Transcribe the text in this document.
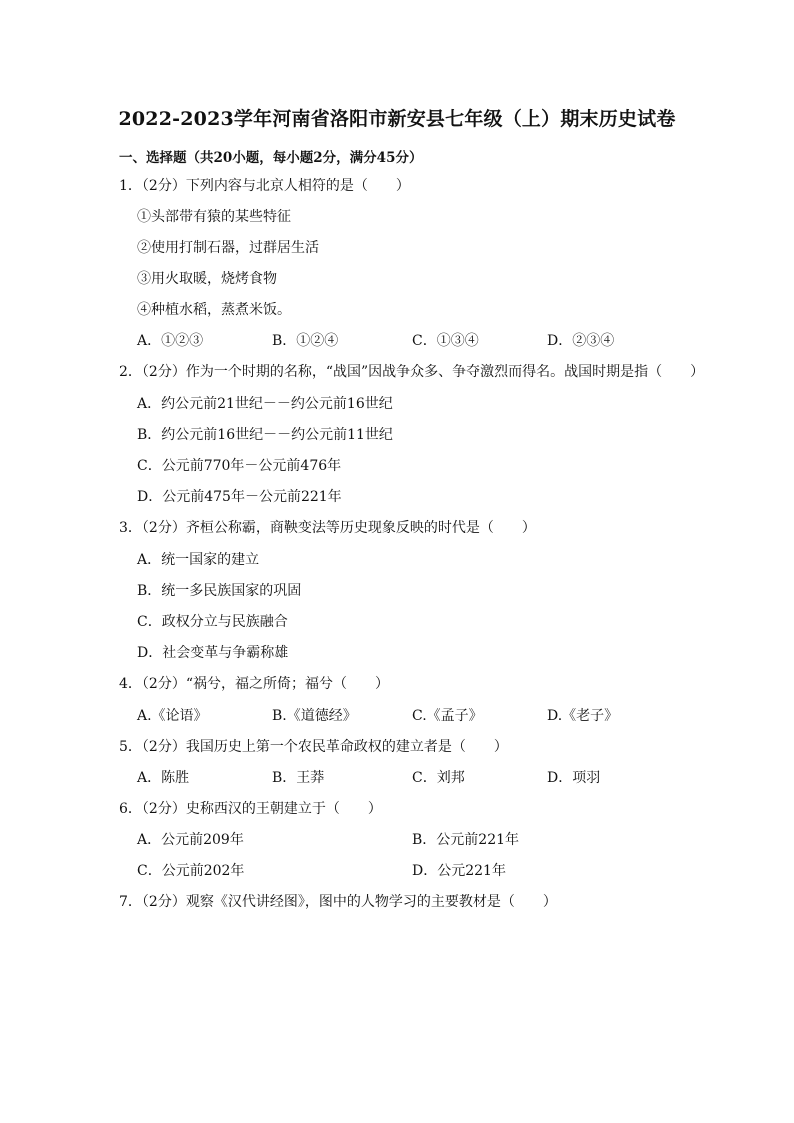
2022-2023学年河南省洛阳市新安县七年级（上）期末历史试卷
一、选择题（共20小题，每小题2分，满分45分）
1．（2分）下列内容与北京人相符的是（　　）
①头部带有猿的某些特征
②使用打制石器，过群居生活
③用火取暖，烧烤食物
④种植水稻，蒸煮米饭。
A．①②③	B．①②④	C．①③④	D．②③④
2．（2分）作为一个时期的名称，“战国”因战争众多、争夺激烈而得名。战国时期是指（　　）
A．约公元前21世纪－－约公元前16世纪
B．约公元前16世纪－－约公元前11世纪
C．公元前770年－公元前476年
D．公元前475年－公元前221年
3．（2分）齐桓公称霸，商鞅变法等历史现象反映的时代是（　　）
A．统一国家的建立
B．统一多民族国家的巩固
C．政权分立与民族融合
D．社会变革与争霸称雄
4．（2分）“祸兮，福之所倚；福兮（　　）
A.《论语》	B.《道德经》	C.《孟子》	D.《老子》
5．（2分）我国历史上第一个农民革命政权的建立者是（　　）
A．陈胜	B．王莽	C．刘邦	D．项羽
6．（2分）史称西汉的王朝建立于（　　）
A．公元前209年	B．公元前221年
C．公元前202年	D．公元221年
7．（2分）观察《汉代讲经图》，图中的人物学习的主要教材是（　　）
